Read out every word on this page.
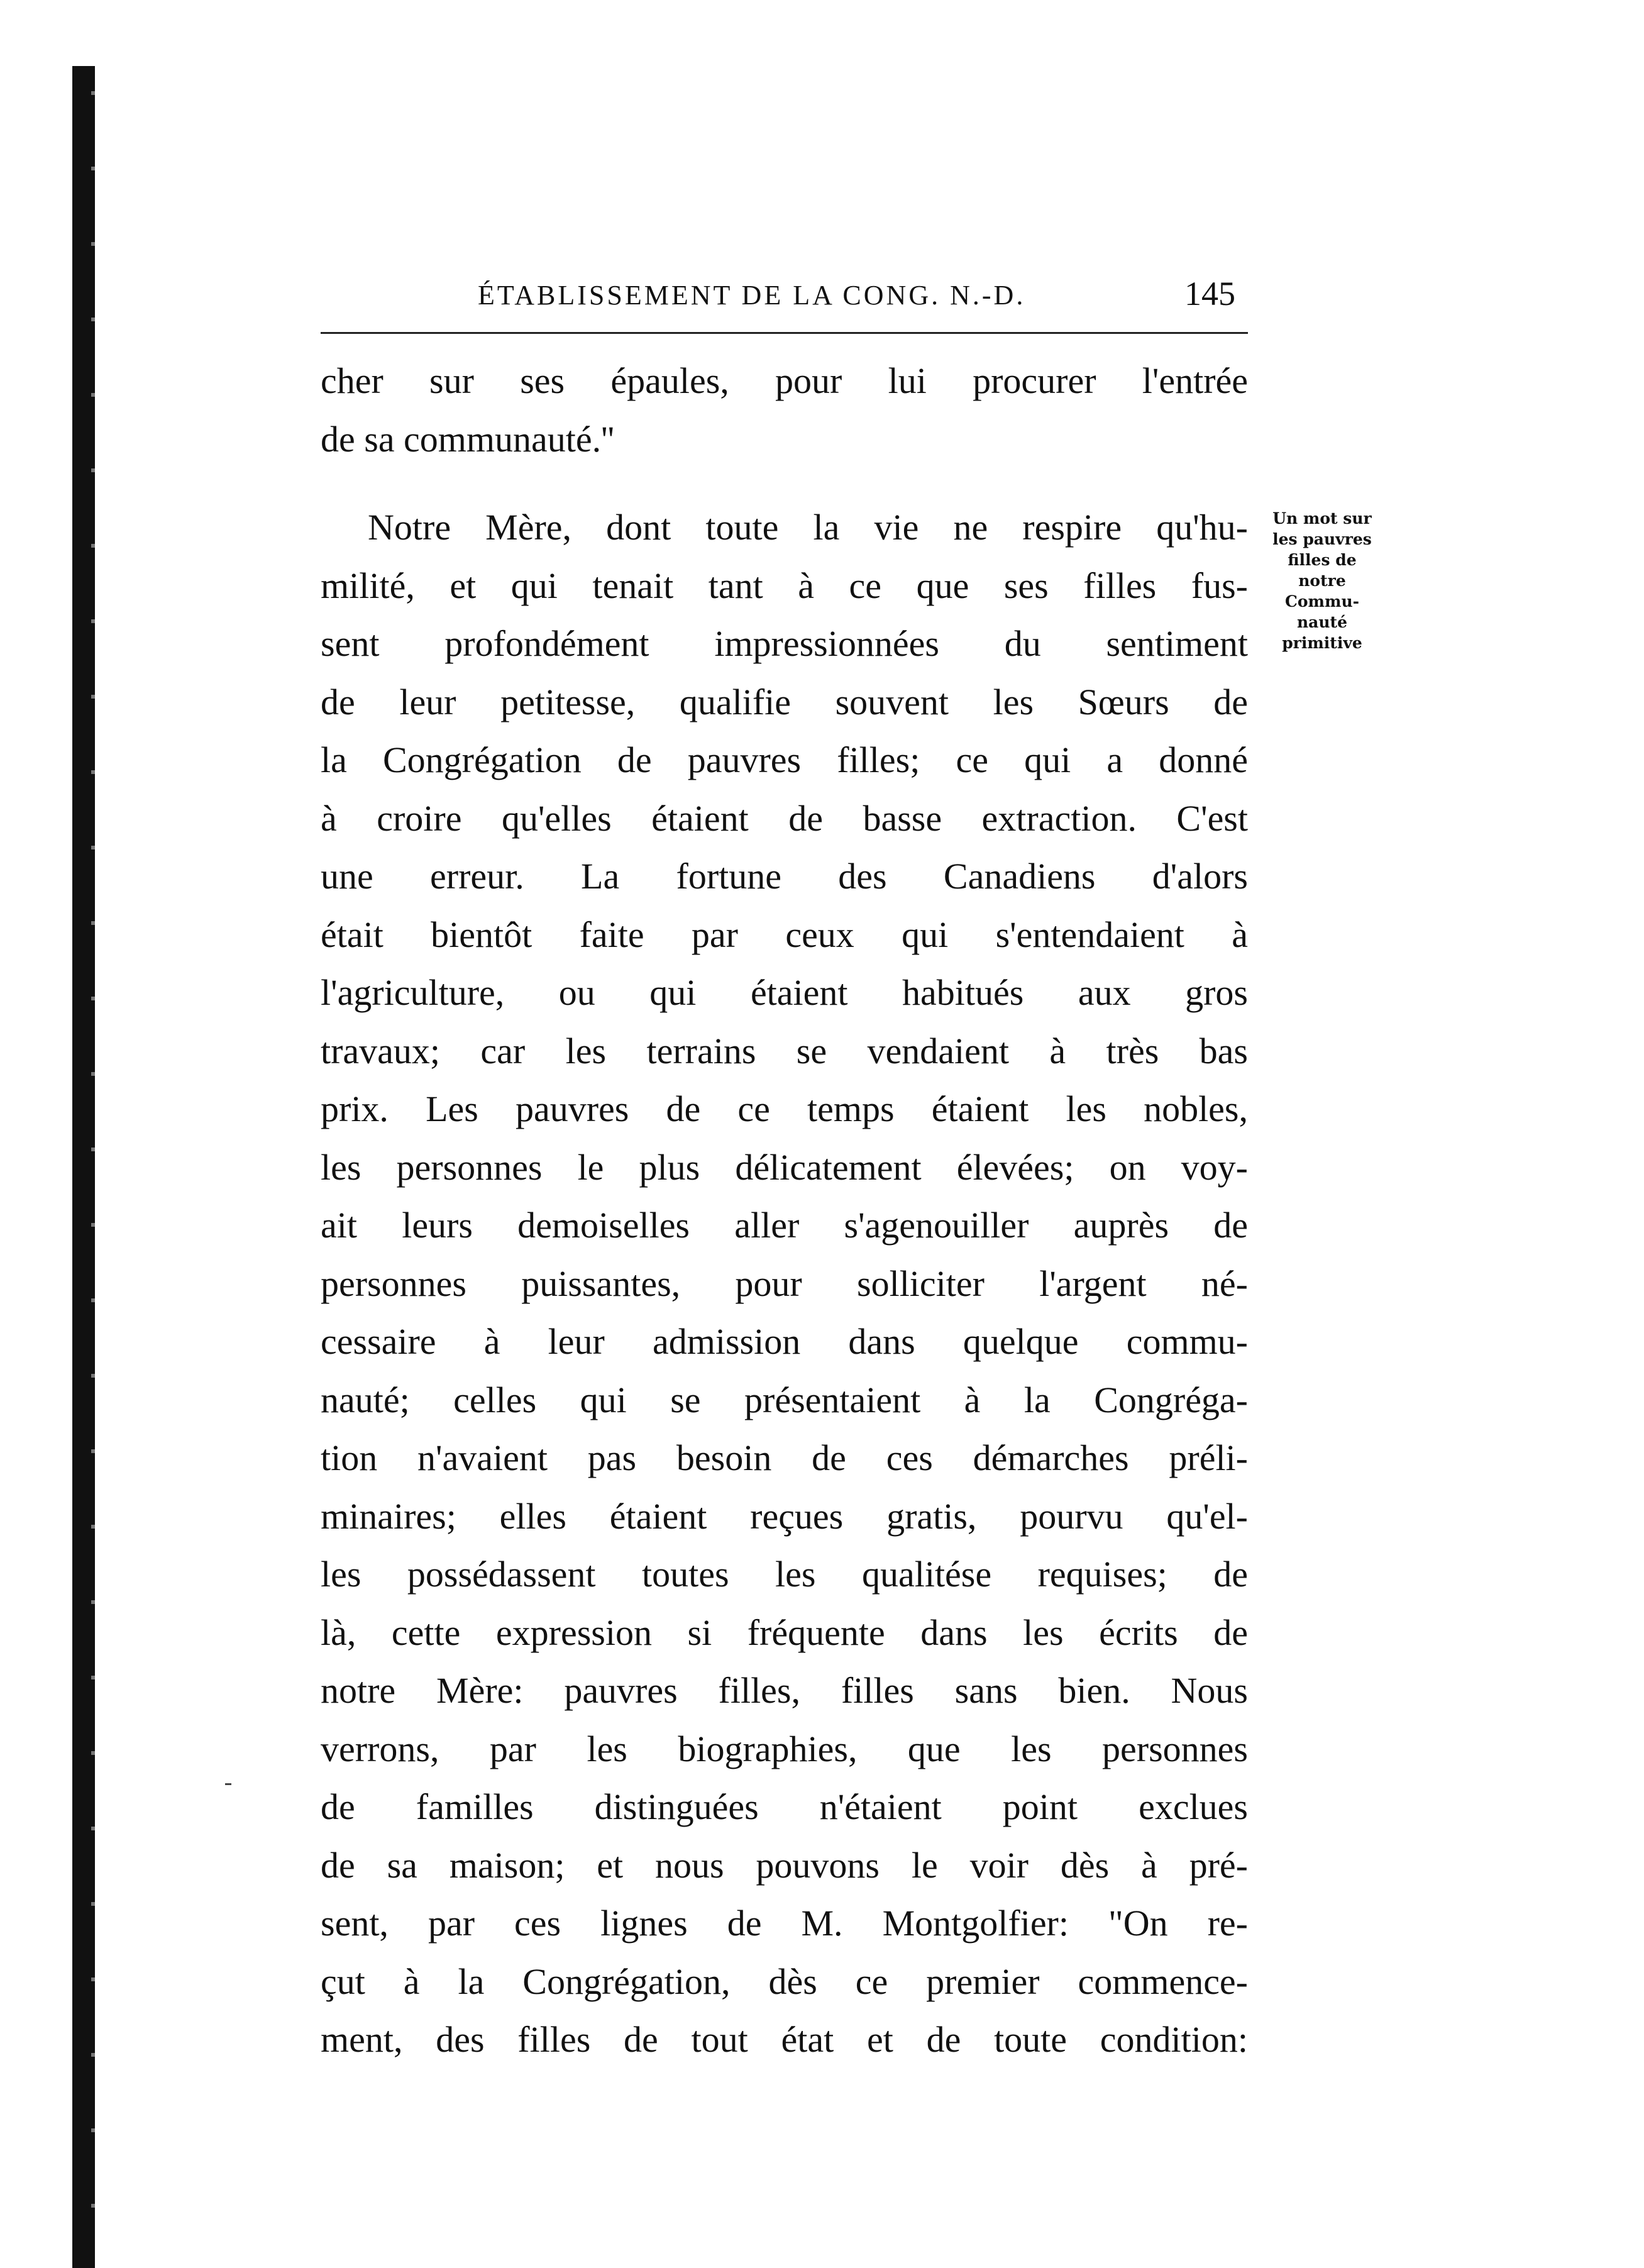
ÉTABLISSEMENT DE LA CONG. N.-D.	145
cher sur ses épaules, pour lui procurer l'entrée
de sa communauté.''
Notre Mère, dont toute la vie ne respire qu'hu-
milité, et qui tenait tant à ce que ses filles fus-
sent profondément impressionnées du sentiment
de leur petitesse, qualifie souvent les Sœurs de
la Congrégation de pauvres filles; ce qui a donné
à croire qu'elles étaient de basse extraction. C'est
une erreur. La fortune des Canadiens d'alors
était bientôt faite par ceux qui s'entendaient à
l'agriculture, ou qui étaient habitués aux gros
travaux; car les terrains se vendaient à très bas
prix. Les pauvres de ce temps étaient les nobles,
les personnes le plus délicatement élevées; on voy-
ait leurs demoiselles aller s'agenouiller auprès de
personnes puissantes, pour solliciter l'argent né-
cessaire à leur admission dans quelque commu-
nauté; celles qui se présentaient à la Congréga-
tion n'avaient pas besoin de ces démarches préli-
minaires; elles étaient reçues gratis, pourvu qu'el-
les possédassent toutes les qualitése requises; de
là, cette expression si fréquente dans les écrits de
notre Mère: pauvres filles, filles sans bien. Nous
verrons, par les biographies, que les personnes
de familles distinguées n'étaient point exclues
de sa maison; et nous pouvons le voir dès à pré-
sent, par ces lignes de M. Montgolfier: "On re-
çut à la Congrégation, dès ce premier commence-
ment, des filles de tout état et de toute condition:
Un mot sur
les pauvres
filles de
notre
Commu-
nauté
primitive
